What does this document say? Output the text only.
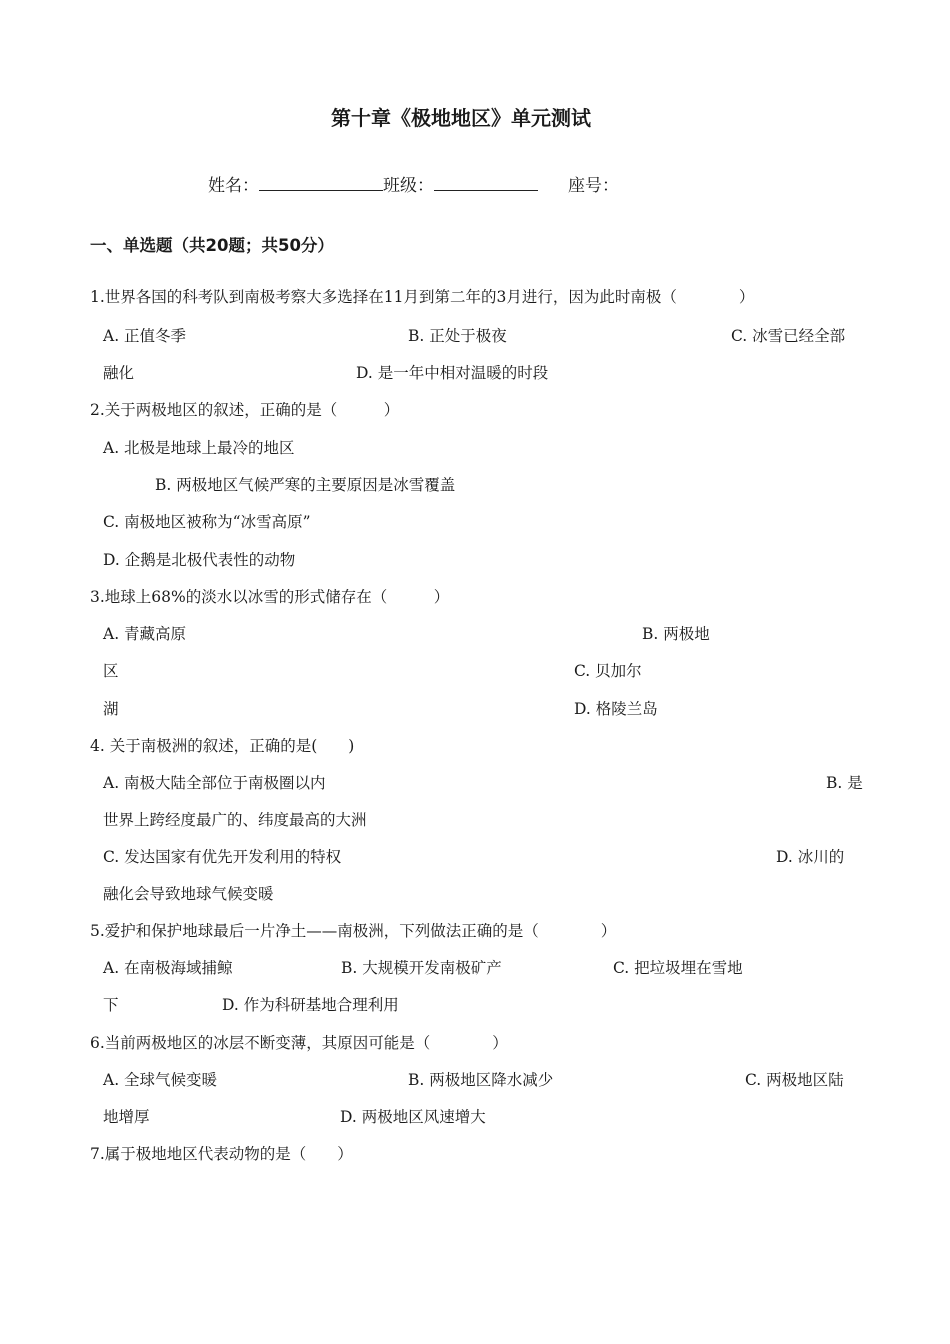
第十章《极地地区》单元测试
姓名：	班级：	座号：
一、单选题（共20题；共50分）
1.世界各国的科考队到南极考察大多选择在11月到第二年的3月进行，因为此时南极（　　　　）
A. 正值冬季	B. 正处于极夜	C. 冰雪已经全部
融化	D. 是一年中相对温暖的时段
2.关于两极地区的叙述，正确的是（　　　）
A. 北极是地球上最冷的地区
B. 两极地区气候严寒的主要原因是冰雪覆盖
C. 南极地区被称为“冰雪高原”
D. 企鹅是北极代表性的动物
3.地球上68%的淡水以冰雪的形式储存在（　　　）
A. 青藏高原	B. 两极地
区	C. 贝加尔
湖	D. 格陵兰岛
4. 关于南极洲的叙述，正确的是(　　)
A. 南极大陆全部位于南极圈以内	B. 是
世界上跨经度最广的、纬度最高的大洲
C. 发达国家有优先开发利用的特权	D. 冰川的
融化会导致地球气候变暖
5.爱护和保护地球最后一片净土——南极洲，下列做法正确的是（　　　　）
A. 在南极海域捕鲸	B. 大规模开发南极矿产	C. 把垃圾埋在雪地
下	D. 作为科研基地合理利用
6.当前两极地区的冰层不断变薄，其原因可能是（　　　　）
A. 全球气候变暖	B. 两极地区降水减少	C. 两极地区陆
地增厚	D. 两极地区风速增大
7.属于极地地区代表动物的是（　　）
